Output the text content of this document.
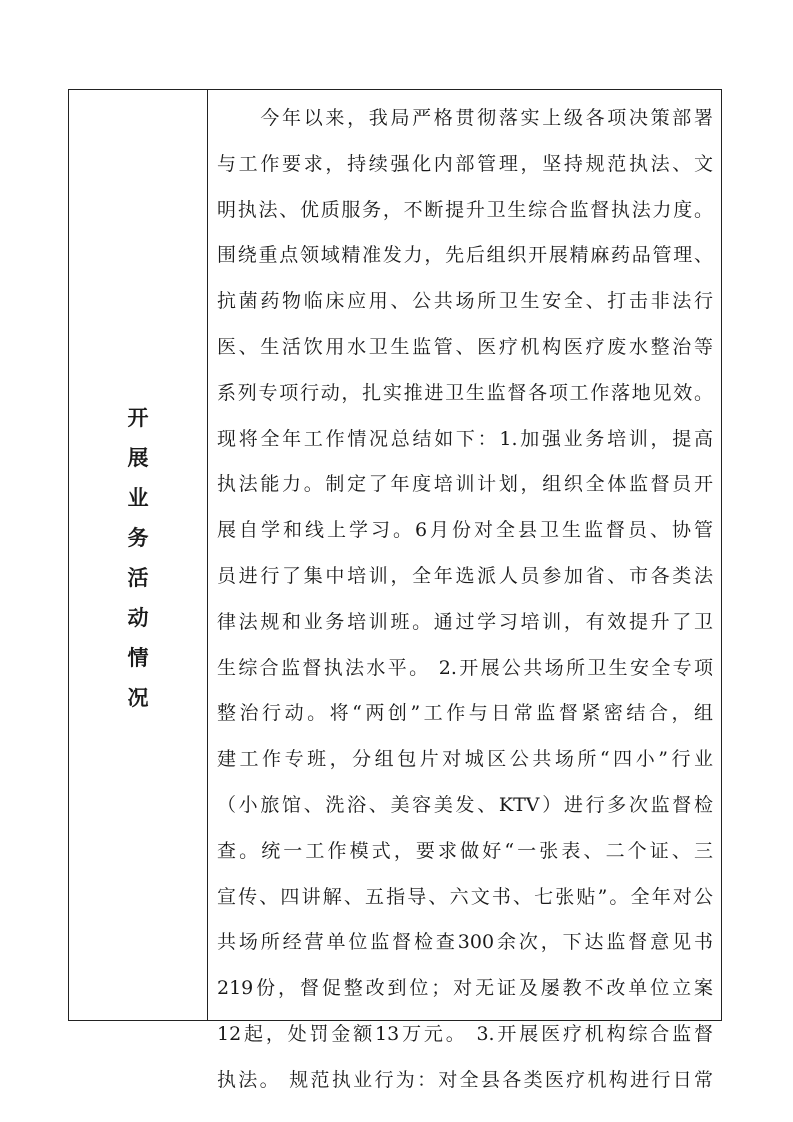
开
展
业
务
活
动
情
况
　　今年以来，我局严格贯彻落实上级各项决策部署
与工作要求，持续强化内部管理，坚持规范执法、文
明执法、优质服务，不断提升卫生综合监督执法力度。
围绕重点领域精准发力，先后组织开展精麻药品管理、
抗菌药物临床应用、公共场所卫生安全、打击非法行
医、生活饮用水卫生监管、医疗机构医疗废水整治等
系列专项行动，扎实推进卫生监督各项工作落地见效。
现将全年工作情况总结如下：1.加强业务培训，提高
执法能力。制定了年度培训计划，组织全体监督员开
展自学和线上学习。6月份对全县卫生监督员、协管
员进行了集中培训，全年选派人员参加省、市各类法
律法规和业务培训班。通过学习培训，有效提升了卫
生综合监督执法水平。 2.开展公共场所卫生安全专项
整治行动。将“两创”工作与日常监督紧密结合，组
建工作专班，分组包片对城区公共场所“四小”行业
（小旅馆、洗浴、美容美发、KTV）进行多次监督检
查。统一工作模式，要求做好“一张表、二个证、三
宣传、四讲解、五指导、六文书、七张贴”。全年对公
共场所经营单位监督检查300余次，下达监督意见书
219份，督促整改到位；对无证及屡教不改单位立案
12起，处罚金额13万元。 3.开展医疗机构综合监督
执法。 规范执业行为：对全县各类医疗机构进行日常
